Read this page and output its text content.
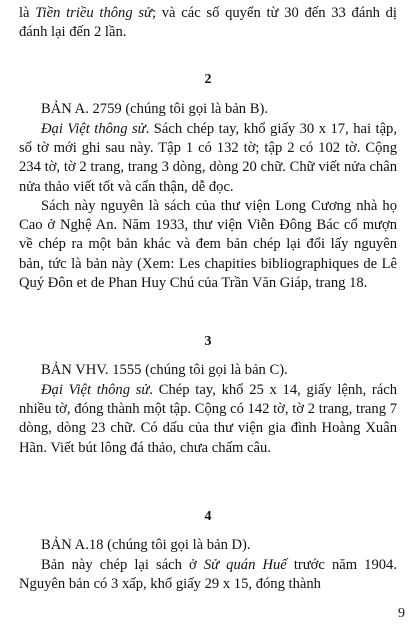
là Tiền triều thông sử; và các số quyển từ 30 đến 33 đánh dị đánh lại đến 2 lần.
2
BẢN A. 2759 (chúng tôi gọi là bản B).
Đại Việt thông sử. Sách chép tay, khổ giấy 30 x 17, hai tập, số tờ mới ghi sau này. Tập 1 có 132 tờ; tập 2 có 102 tờ. Cộng 234 tờ, tờ 2 trang, trang 3 dòng, dòng 20 chữ. Chữ viết nửa chân nửa thảo viết tốt và cẩn thận, dễ đọc.
Sách này nguyên là sách của thư viện Long Cương nhà họ Cao ở Nghệ An. Năm 1933, thư viện Viễn Đông Bác cổ mượn về chép ra một bản khác và đem bản chép lại đổi lấy nguyên bản, tức là bản này (Xem: Les chapities bibliographiques de Lê Quý Đôn et de Phan Huy Chú của Trần Văn Giáp, trang 18.
3
BẢN VHV. 1555 (chúng tôi gọi là bản C).
Đại Việt thông sử. Chép tay, khổ 25 x 14, giấy lệnh, rách nhiều tờ, đóng thành một tập. Cộng có 142 tờ, tờ 2 trang, trang 7 dòng, dòng 23 chữ. Có dấu của thư viện gia đình Hoàng Xuân Hãn. Viết bút lông đá thảo, chưa chấm câu.
4
BẢN A.18 (chúng tôi gọi là bản D).
Bản này chép lại sách ở Sử quán Huế trước năm 1904. Nguyên bản có 3 xấp, khổ giấy 29 x 15, đóng thành
9
